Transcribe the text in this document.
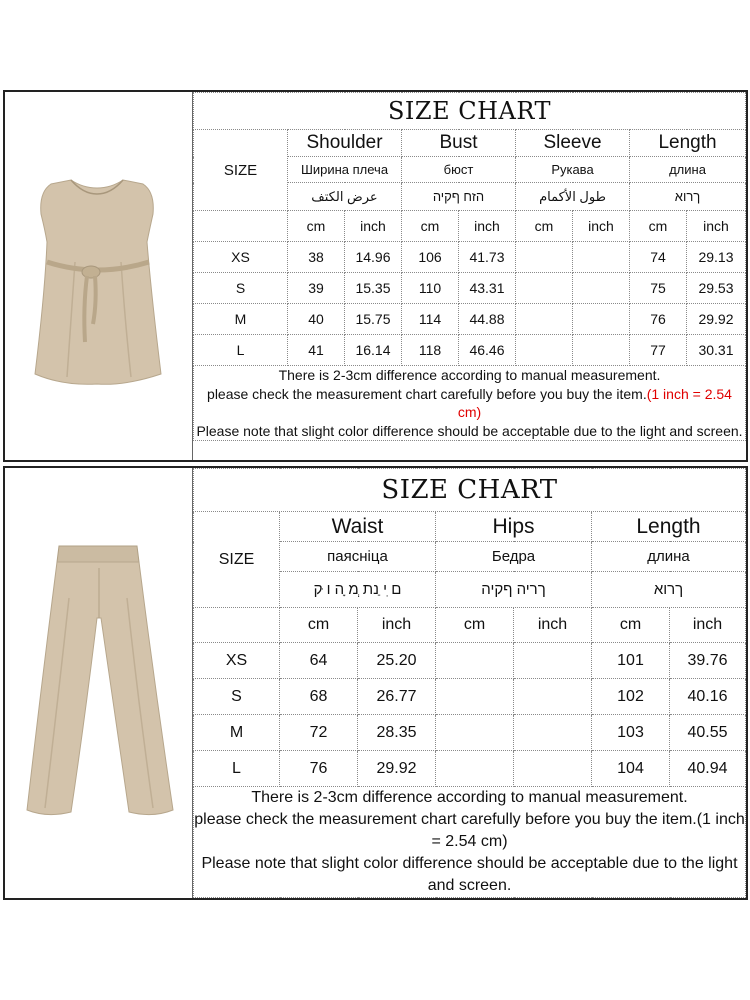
SIZE CHART								
SIZE	Shoulder		Bust		Sleeve		Length	
	Ширина плеча		бюст		Рукава		длина	
	عرض الكتف		הזח ףקיה		طول الأكمام		ךרוא	
	cm	inch	cm	inch	cm	inch	cm	inch
XS	38	14.96	106	41.73			74	29.13
S	39	15.35	110	43.31			75	29.53
M	40	15.75	114	44.88			76	29.92
L	41	16.14	118	46.46			77	30.31

There is 2-3cm difference according to manual measurement.
please check the measurement chart carefully before you buy the item.(1 inch = 2.54 cm)
Please note that slight color difference should be acceptable due to the light and screen.								
SIZE CHART						
SIZE	Waist		Hips		Length	
	паясніца		Бедра		длина	
	ם ִי ַנת ְמ ָה ו ּק		ךריה ףקיה		ךרוא	
	cm	inch	cm	inch	cm	inch
XS	64	25.20			101	39.76
S	68	26.77			102	40.16
M	72	28.35			103	40.55
L	76	29.92			104	40.94

There is 2-3cm difference according to manual measurement.
please check the measurement chart carefully before you buy the item.(1 inch = 2.54 cm)
Please note that slight color difference should be acceptable due to the light and screen.						
